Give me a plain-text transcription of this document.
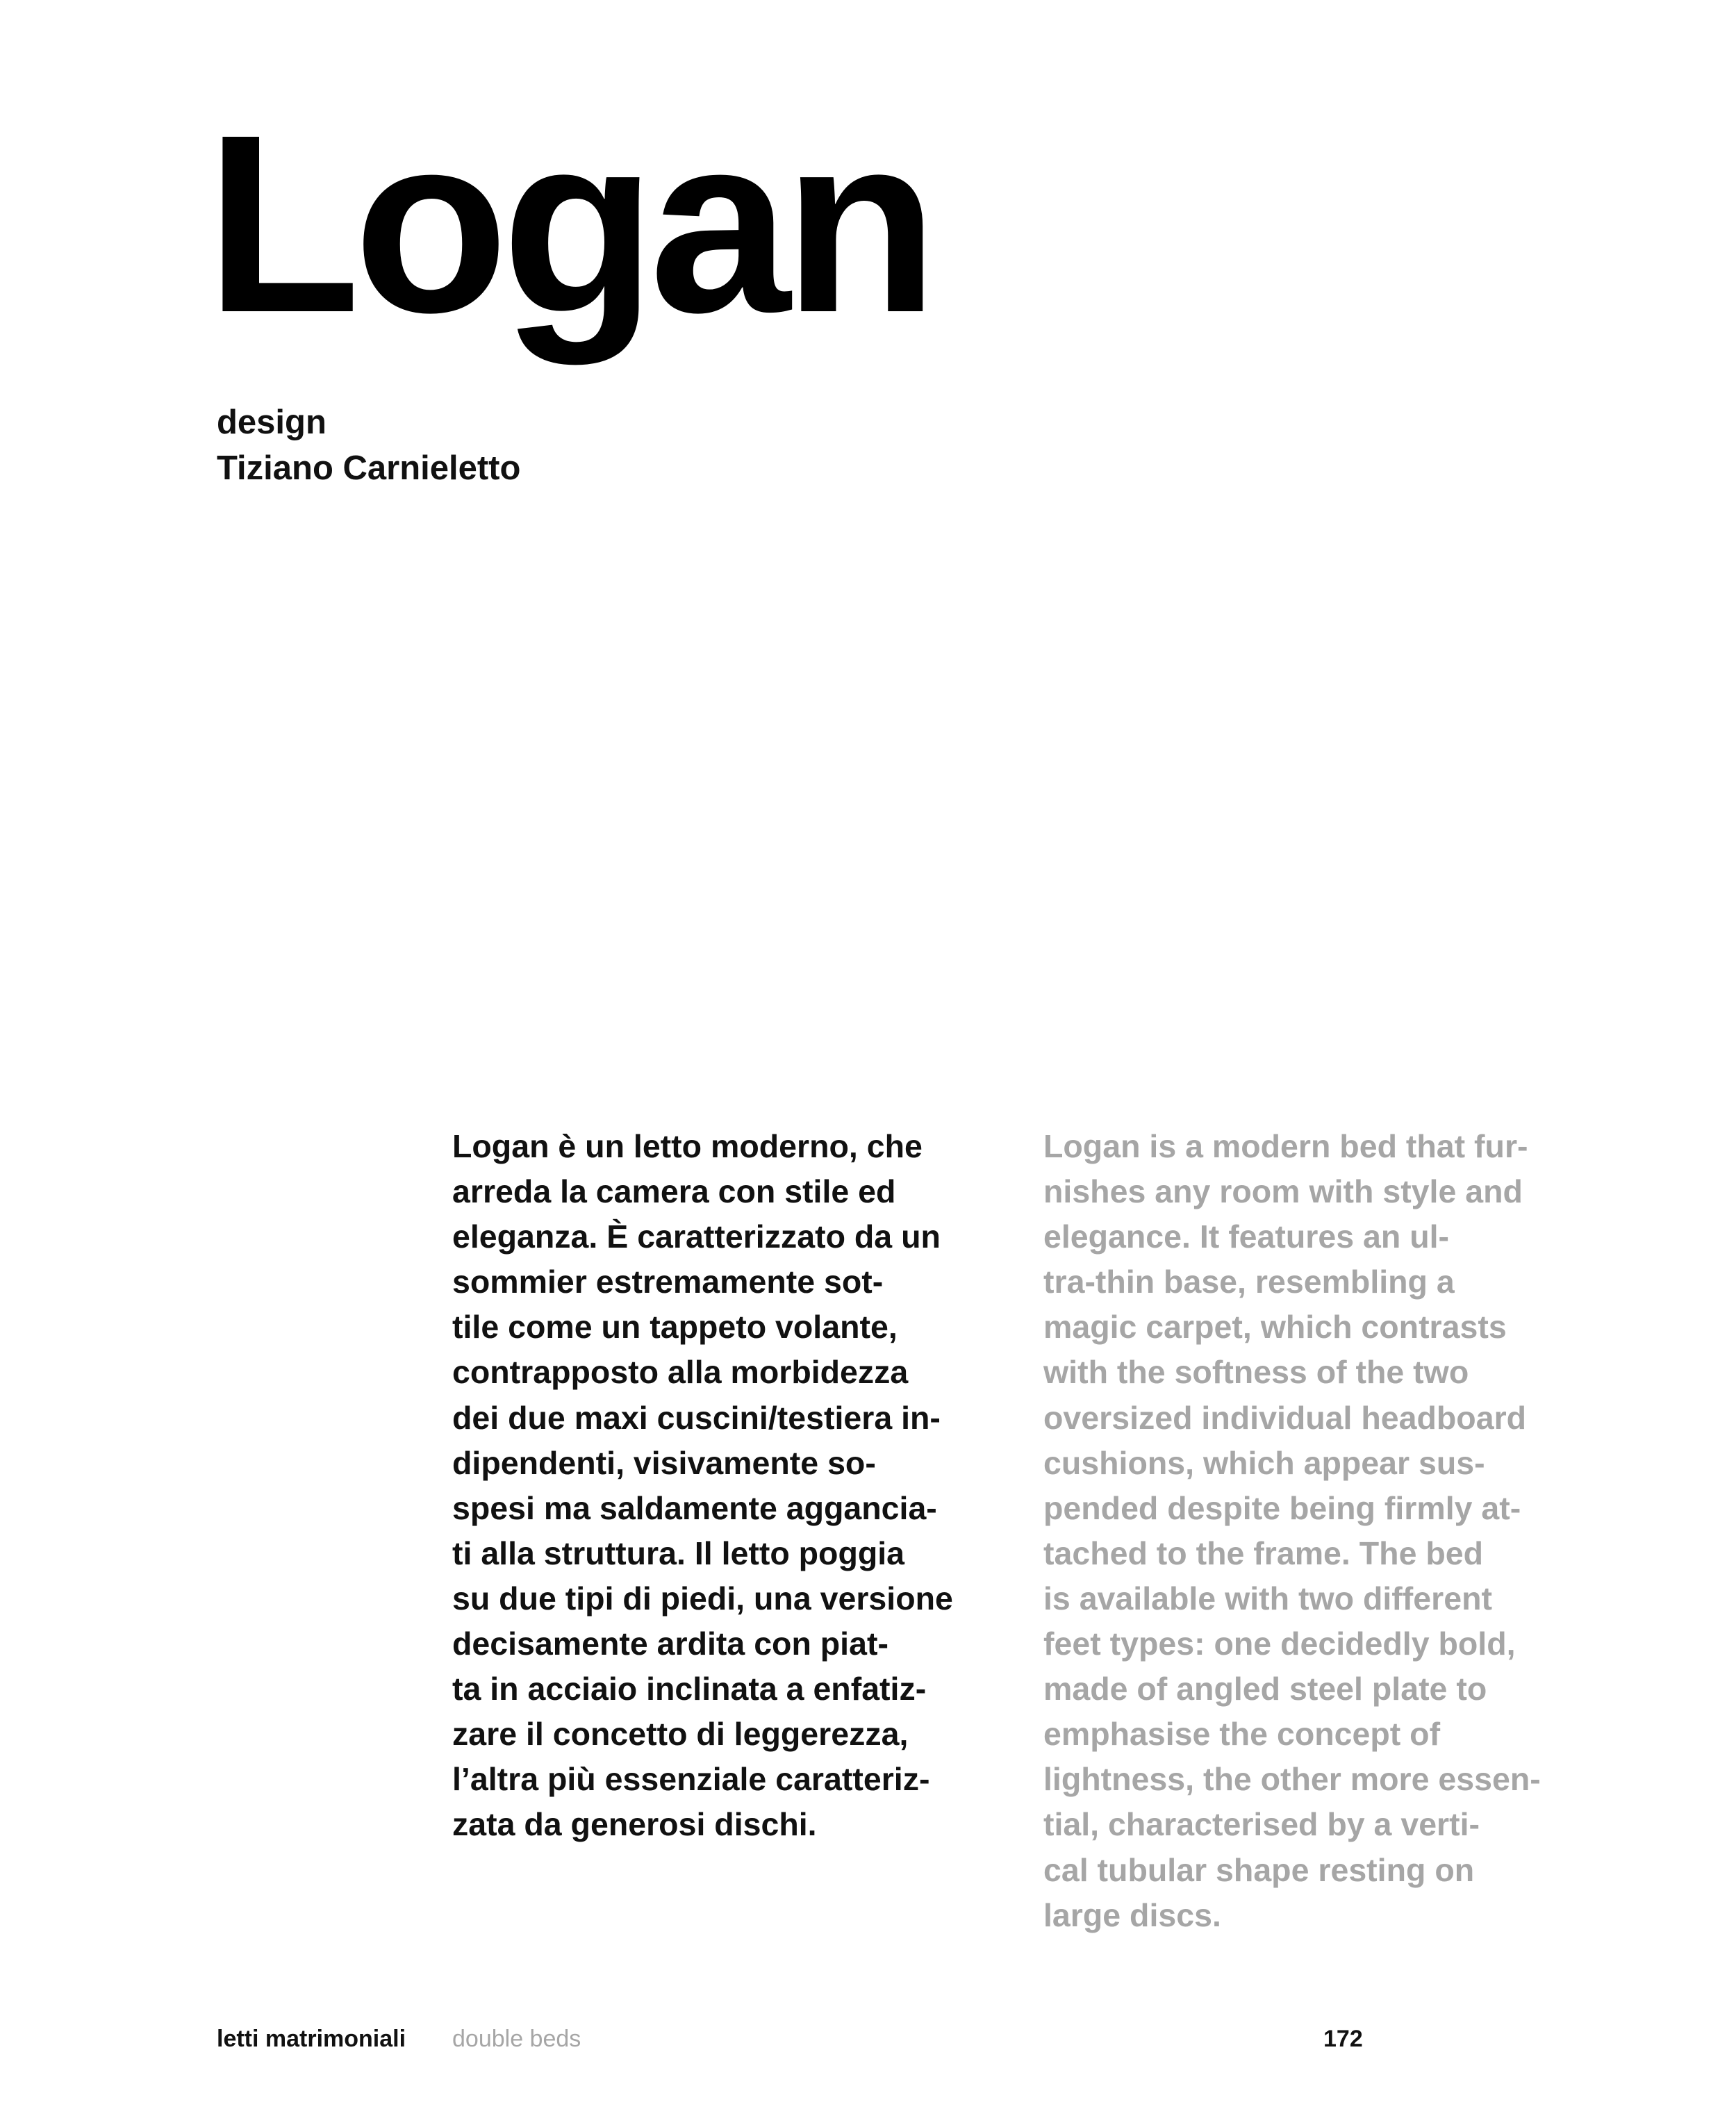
Logan
design
Tiziano Carnieletto
Logan è un letto moderno, che
arreda la camera con stile ed
eleganza. È caratterizzato da un
sommier estremamente sot-
tile come un tappeto volante,
contrapposto alla morbidezza
dei due maxi cuscini/testiera in-
dipendenti, visivamente so-
spesi ma saldamente aggancia-
ti alla struttura. Il letto poggia
su due tipi di piedi, una versione
decisamente ardita con piat-
ta in acciaio inclinata a enfatiz-
zare il concetto di leggerezza,
l’altra più essenziale caratteriz-
zata da generosi dischi.
Logan is a modern bed that fur-
nishes any room with style and
elegance. It features an ul-
tra-thin base, resembling a
magic carpet, which contrasts
with the softness of the two
oversized individual headboard
cushions, which appear sus-
pended despite being firmly at-
tached to the frame. The bed
is available with two different
feet types: one decidedly bold,
made of angled steel plate to
emphasise the concept of
lightness, the other more essen-
tial, characterised by a verti-
cal tubular shape resting on
large discs.
letti matrimoniali double beds	172
